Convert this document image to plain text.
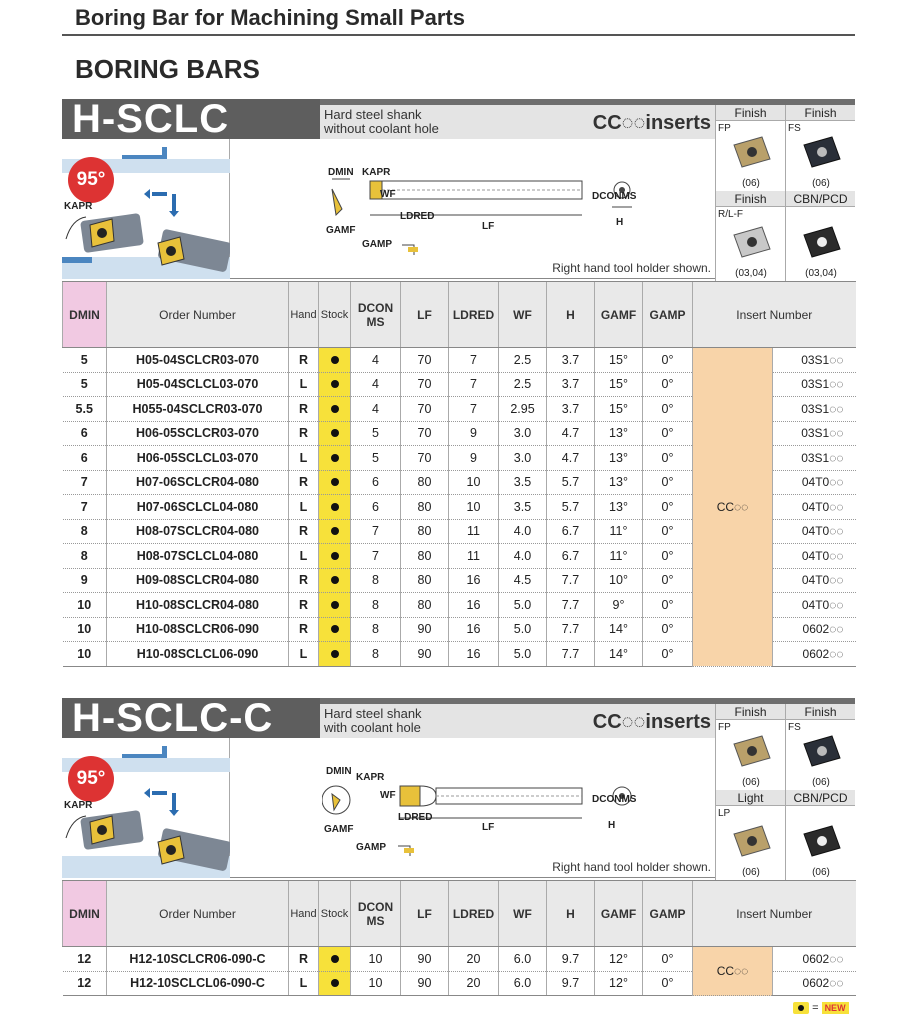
Boring Bar for Machining Small Parts
BORING BARS
H-SCLC	Hard steel shank
without coolant hole	CC◌◌inserts
95°
KAPR
DMIN KAPR
WF
LDRED
LF
DCONMS
H
GAMF
GAMP
Right hand tool holder shown.
Finish
FP
(06)
Finish
FS
(06)
Finish
R/L-F
(03,04)
CBN/PCD
(03,04)
DMIN	Order Number	Hand	Stock	DCON MS	LF	LDRED	WF	H	GAMF	GAMP	Insert Number	
5	H05-04SCLCR03-070	R		4	70	7	2.5	3.7	15°	0°	CC◌◌	03S1◌◌
5	H05-04SCLCL03-070	L		4	70	7	2.5	3.7	15°	0°		03S1◌◌
5.5	H055-04SCLCR03-070	R		4	70	7	2.95	3.7	15°	0°		03S1◌◌
6	H06-05SCLCR03-070	R		5	70	9	3.0	4.7	13°	0°		03S1◌◌
6	H06-05SCLCL03-070	L		5	70	9	3.0	4.7	13°	0°		03S1◌◌
7	H07-06SCLCR04-080	R		6	80	10	3.5	5.7	13°	0°		04T0◌◌
7	H07-06SCLCL04-080	L		6	80	10	3.5	5.7	13°	0°		04T0◌◌
8	H08-07SCLCR04-080	R		7	80	11	4.0	6.7	11°	0°		04T0◌◌
8	H08-07SCLCL04-080	L		7	80	11	4.0	6.7	11°	0°		04T0◌◌
9	H09-08SCLCR04-080	R		8	80	16	4.5	7.7	10°	0°		04T0◌◌
10	H10-08SCLCR04-080	R		8	80	16	5.0	7.7	9°	0°		04T0◌◌
10	H10-08SCLCR06-090	R		8	90	16	5.0	7.7	14°	0°		0602◌◌
10	H10-08SCLCL06-090	L		8	90	16	5.0	7.7	14°	0°		0602◌◌
H-SCLC-C	Hard steel shank
with coolant hole	CC◌◌inserts
95°
KAPR
DMIN
KAPR
WF
LDRED
LF
DCONMS
H
GAMF
GAMP
Right hand tool holder shown.
Finish
FP
(06)
Finish
FS
(06)
Light
LP
(06)
CBN/PCD
(06)
DMIN	Order Number	Hand	Stock	DCON MS	LF	LDRED	WF	H	GAMF	GAMP	Insert Number	
12	H12-10SCLCR06-090-C	R		10	90	20	6.0	9.7	12°	0°	CC◌◌	0602◌◌
12	H12-10SCLCL06-090-C	L		10	90	20	6.0	9.7	12°	0°		0602◌◌
= NEW
